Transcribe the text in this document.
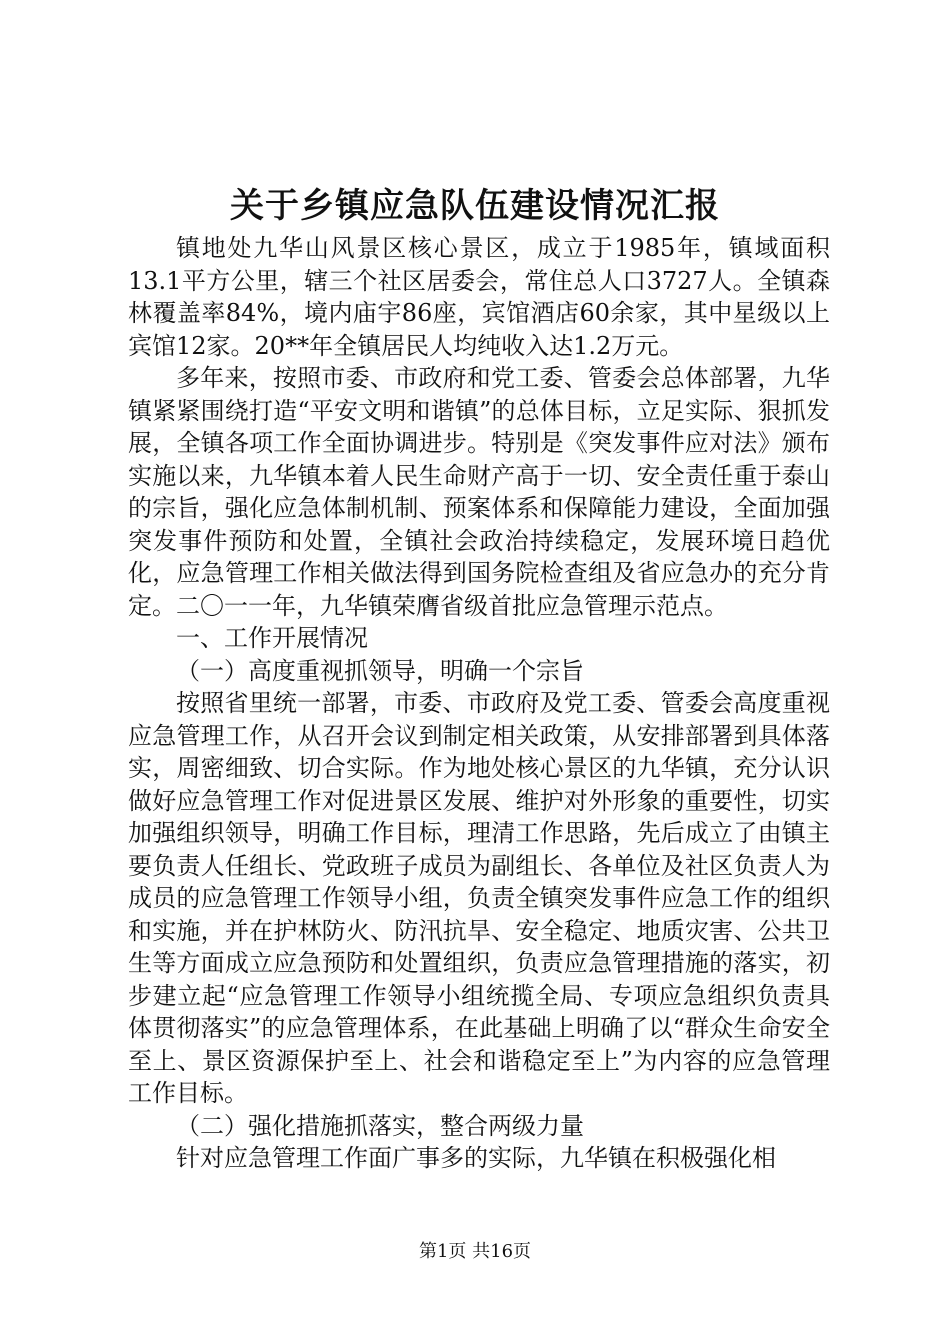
关于乡镇应急队伍建设情况汇报

镇地处九华山风景区核心景区，成立于1985年，镇域面积13.1平方公里，辖三个社区居委会，常住总人口3727人。全镇森林覆盖率84%，境内庙宇86座，宾馆酒店60余家，其中星级以上宾馆12家。20**年全镇居民人均纯收入达1.2万元。

多年来，按照市委、市政府和党工委、管委会总体部署，九华镇紧紧围绕打造“平安文明和谐镇”的总体目标，立足实际、狠抓发展，全镇各项工作全面协调进步。特别是《突发事件应对法》颁布实施以来，九华镇本着人民生命财产高于一切、安全责任重于泰山的宗旨，强化应急体制机制、预案体系和保障能力建设，全面加强突发事件预防和处置，全镇社会政治持续稳定，发展环境日趋优化，应急管理工作相关做法得到国务院检查组及省应急办的充分肯定。二〇一一年，九华镇荣膺省级首批应急管理示范点。

一、工作开展情况

（一）高度重视抓领导，明确一个宗旨

按照省里统一部署，市委、市政府及党工委、管委会高度重视应急管理工作，从召开会议到制定相关政策，从安排部署到具体落实，周密细致、切合实际。作为地处核心景区的九华镇，充分认识做好应急管理工作对促进景区发展、维护对外形象的重要性，切实加强组织领导，明确工作目标，理清工作思路，先后成立了由镇主要负责人任组长、党政班子成员为副组长、各单位及社区负责人为成员的应急管理工作领导小组，负责全镇突发事件应急工作的组织和实施，并在护林防火、防汛抗旱、安全稳定、地质灾害、公共卫生等方面成立应急预防和处置组织，负责应急管理措施的落实，初步建立起“应急管理工作领导小组统揽全局、专项应急组织负责具体贯彻落实”的应急管理体系，在此基础上明确了以“群众生命安全至上、景区资源保护至上、社会和谐稳定至上”为内容的应急管理工作目标。

（二）强化措施抓落实，整合两级力量

针对应急管理工作面广事多的实际，九华镇在积极强化相

第1页 共16页
